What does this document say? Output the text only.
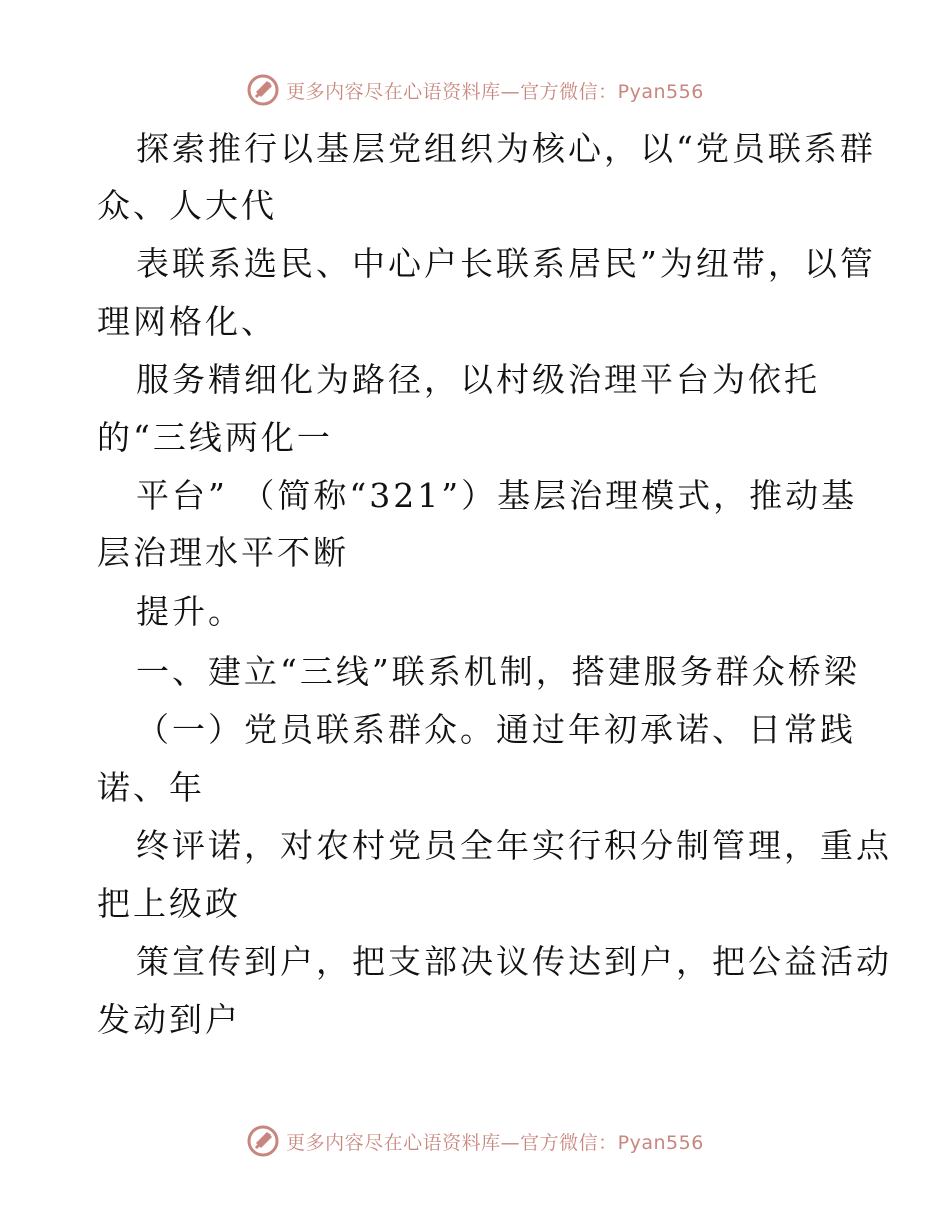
更多内容尽在心语资料库—官方微信：Pyan556
探索推行以基层党组织为核心，以“党员联系群
众、人大代
表联系选民、中心户长联系居民”为纽带，以管
理网格化、
服务精细化为路径，以村级治理平台为依托
的“三线两化一
平台” （简称“321”）基层治理模式，推动基
层治理水平不断
提升。
一、建立“三线”联系机制，搭建服务群众桥梁
（一）党员联系群众。通过年初承诺、日常践
诺、年
终评诺，对农村党员全年实行积分制管理，重点
把上级政
策宣传到户，把支部决议传达到户，把公益活动
发动到户
更多内容尽在心语资料库—官方微信：Pyan556
